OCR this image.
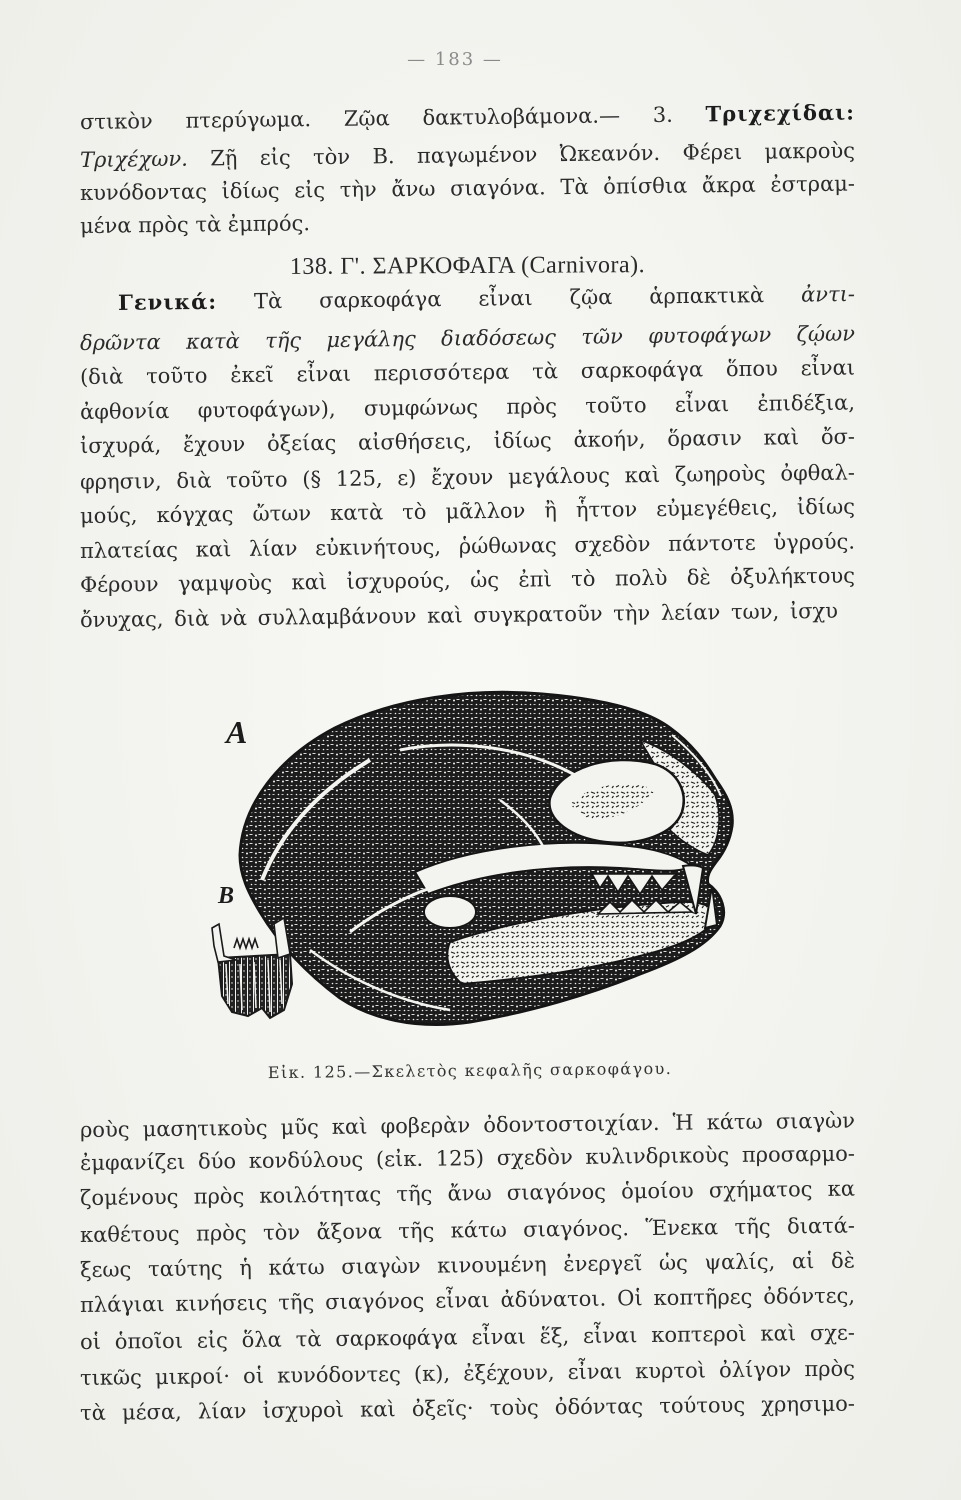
— 183 —
στικὸν πτερύγωμα. Ζῷα δακτυλοβάμονα.— 3. Τριχεχίδαι:
Τριχέχων. Ζῇ εἰς τὸν Β. παγωμένον Ὠκεανόν. Φέρει μακροὺς
κυνόδοντας ἰδίως εἰς τὴν ἄνω σιαγόνα. Τὰ ὀπίσθια ἄκρα ἐστραμ-
μένα πρὸς τὰ ἐμπρός.
138. Γ'. ΣΑΡΚΟΦΑΓΑ (Carnivora).
Γενικά: Τὰ σαρκοφάγα εἶναι ζῷα ἁρπακτικὰ ἀντι-
δρῶντα κατὰ τῆς μεγάλης διαδόσεως τῶν φυτοφάγων ζῴων
(διὰ τοῦτο ἐκεῖ εἶναι περισσότερα τὰ σαρκοφάγα ὅπου εἶναι
ἀφθονία φυτοφάγων), συμφώνως πρὸς τοῦτο εἶναι ἐπιδέξια,
ἰσχυρά, ἔχουν ὀξείας αἰσθήσεις, ἰδίως ἀκοήν, ὅρασιν καὶ ὄσ-
φρησιν, διὰ τοῦτο (§ 125, ε) ἔχουν μεγάλους καὶ ζωηροὺς ὀφθαλ-
μούς, κόγχας ὤτων κατὰ τὸ μᾶλλον ἢ ἧττον εὐμεγέθεις, ἰδίως
πλατείας καὶ λίαν εὐκινήτους, ῥώθωνας σχεδὸν πάντοτε ὑγρούς.
Φέρουν γαμψοὺς καὶ ἰσχυρούς, ὡς ἐπὶ τὸ πολὺ δὲ ὀξυλήκτους
ὄνυχας, διὰ νὰ συλλαμβάνουν καὶ συγκρατοῦν τὴν λείαν των, ἰσχυ
A
B
Εἰκ. 125.—Σκελετὸς κεφαλῆς σαρκοφάγου.
ροὺς μασητικοὺς μῦς καὶ φοβερὰν ὀδοντοστοιχίαν. Ἡ κάτω σιαγὼν
ἐμφανίζει δύο κονδύλους (εἰκ. 125) σχεδὸν κυλινδρικοὺς προσαρμο-
ζομένους πρὸς κοιλότητας τῆς ἄνω σιαγόνος ὁμοίου σχήματος κα
καθέτους πρὸς τὸν ἄξονα τῆς κάτω σιαγόνος. Ἕνεκα τῆς διατά-
ξεως ταύτης ἡ κάτω σιαγὼν κινουμένη ἐνεργεῖ ὡς ψαλίς, αἱ δὲ
πλάγιαι κινήσεις τῆς σιαγόνος εἶναι ἀδύνατοι. Οἱ κοπτῆρες ὀδόντες,
οἱ ὁποῖοι εἰς ὅλα τὰ σαρκοφάγα εἶναι ἕξ, εἶναι κοπτεροὶ καὶ σχε-
τικῶς μικροί· οἱ κυνόδοντες (κ), ἐξέχουν, εἶναι κυρτοὶ ὀλίγον πρὸς
τὰ μέσα, λίαν ἰσχυροὶ καὶ ὀξεῖς· τοὺς ὀδόντας τούτους χρησιμο-
